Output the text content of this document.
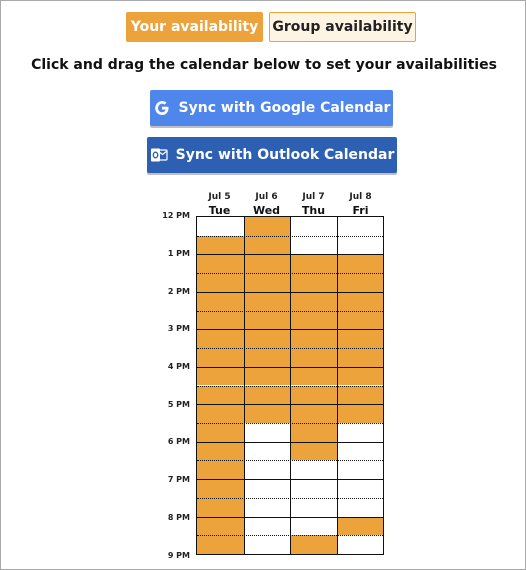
Your availability	Group availability
Click and drag the calendar below to set your availabilities
Sync with Google Calendar
Sync with Outlook Calendar
Jul 5
Tue
Jul 6
Wed
Jul 7
Thu
Jul 8
Fri
12 PM
1 PM
2 PM
3 PM
4 PM
5 PM
6 PM
7 PM
8 PM
9 PM
